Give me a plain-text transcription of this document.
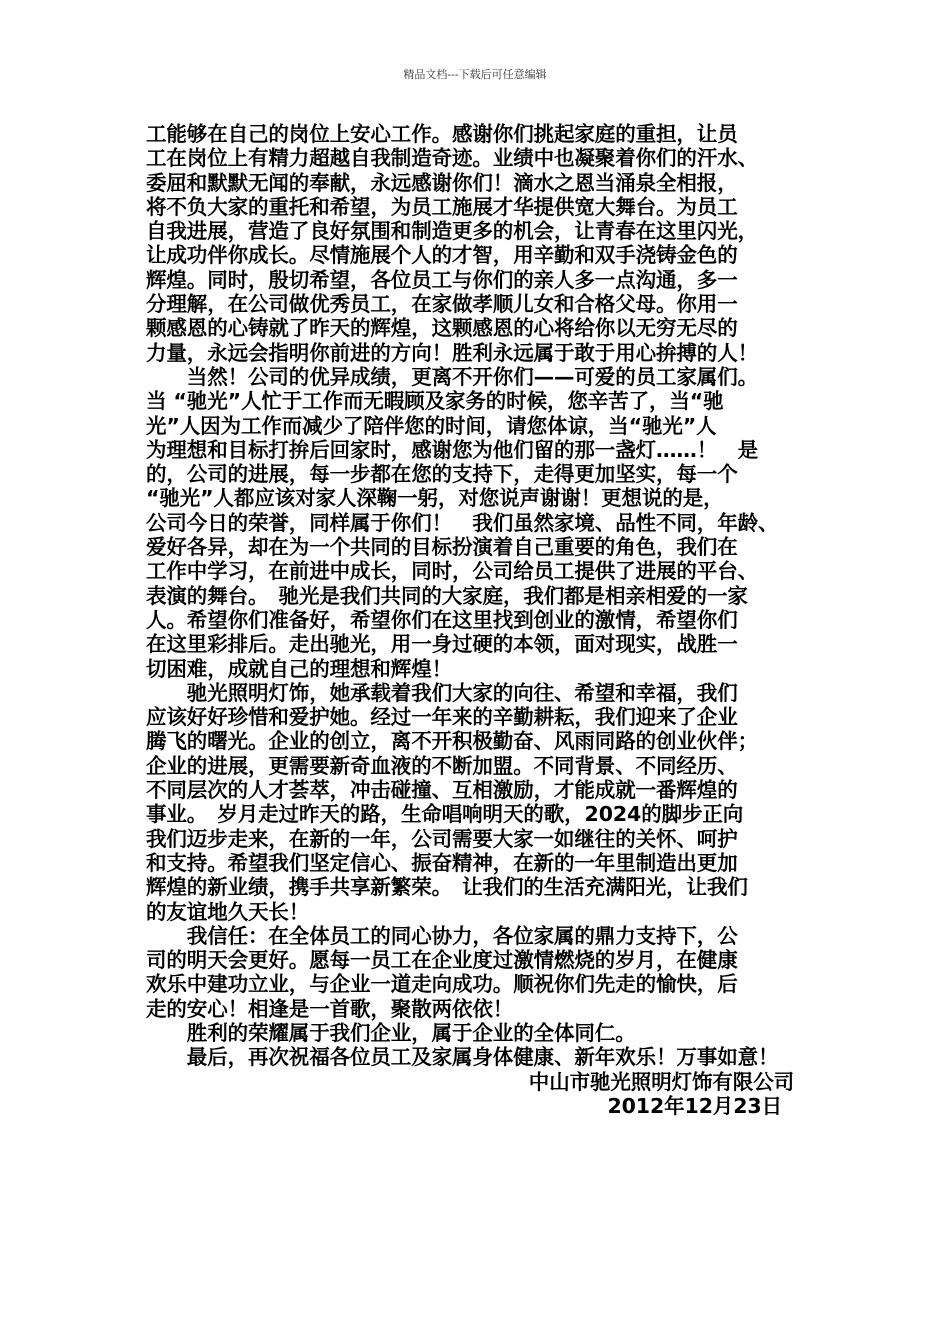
精品文档---下载后可任意编辑
工能够在自己的岗位上安心工作。感谢你们挑起家庭的重担，让员
工在岗位上有精力超越自我制造奇迹。业绩中也凝聚着你们的汗水、
委屈和默默无闻的奉献，永远感谢你们！滴水之恩当涌泉全相报，
将不负大家的重托和希望，为员工施展才华提供宽大舞台。为员工
自我进展，营造了良好氛围和制造更多的机会，让青春在这里闪光，
让成功伴你成长。尽情施展个人的才智，用辛勤和双手浇铸金色的
辉煌。同时，殷切希望，各位员工与你们的亲人多一点沟通，多一
分理解，在公司做优秀员工，在家做孝顺儿女和合格父母。你用一
颗感恩的心铸就了昨天的辉煌，这颗感恩的心将给你以无穷无尽的
力量，永远会指明你前进的方向！胜利永远属于敢于用心拚搏的人！
　　当然！公司的优异成绩，更离不开你们——可爱的员工家属们。
当 “驰光”人忙于工作而无暇顾及家务的时候，您辛苦了，当“驰
光”人因为工作而减少了陪伴您的时间，请您体谅，当“驰光”人
为理想和目标打拚后回家时，感谢您为他们留的那一盏灯……！　是
的，公司的进展，每一步都在您的支持下，走得更加坚实，每一个
“驰光”人都应该对家人深鞠一躬，对您说声谢谢！更想说的是，
公司今日的荣誉，同样属于你们！　我们虽然家境、品性不同，年龄、
爱好各异，却在为一个共同的目标扮演着自己重要的角色，我们在
工作中学习，在前进中成长，同时，公司给员工提供了进展的平台、
表演的舞台。　驰光是我们共同的大家庭，我们都是相亲相爱的一家
人。希望你们准备好，希望你们在这里找到创业的激情，希望你们
在这里彩排后。走出驰光，用一身过硬的本领，面对现实，战胜一
切困难，成就自己的理想和辉煌！
　　驰光照明灯饰，她承载着我们大家的向往、希望和幸福，我们
应该好好珍惜和爱护她。经过一年来的辛勤耕耘，我们迎来了企业
腾飞的曙光。企业的创立，离不开积极勤奋、风雨同路的创业伙伴；
企业的进展，更需要新奇血液的不断加盟。不同背景、不同经历、
不同层次的人才荟萃，冲击碰撞、互相激励，才能成就一番辉煌的
事业。　岁月走过昨天的路，生命唱响明天的歌，2024的脚步正向
我们迈步走来，在新的一年，公司需要大家一如继往的关怀、呵护
和支持。希望我们坚定信心、振奋精神，在新的一年里制造出更加
辉煌的新业绩，携手共享新繁荣。　让我们的生活充满阳光，让我们
的友谊地久天长！
　　我信任：在全体员工的同心协力，各位家属的鼎力支持下，公
司的明天会更好。愿每一员工在企业度过激情燃烧的岁月，在健康
欢乐中建功立业，与企业一道走向成功。顺祝你们先走的愉快，后
走的安心！相逢是一首歌，聚散两依依！
　　胜利的荣耀属于我们企业，属于企业的全体同仁。
　　最后，再次祝福各位员工及家属身体健康、新年欢乐！万事如意！
中山市驰光照明灯饰有限公司
2012年12月23日
